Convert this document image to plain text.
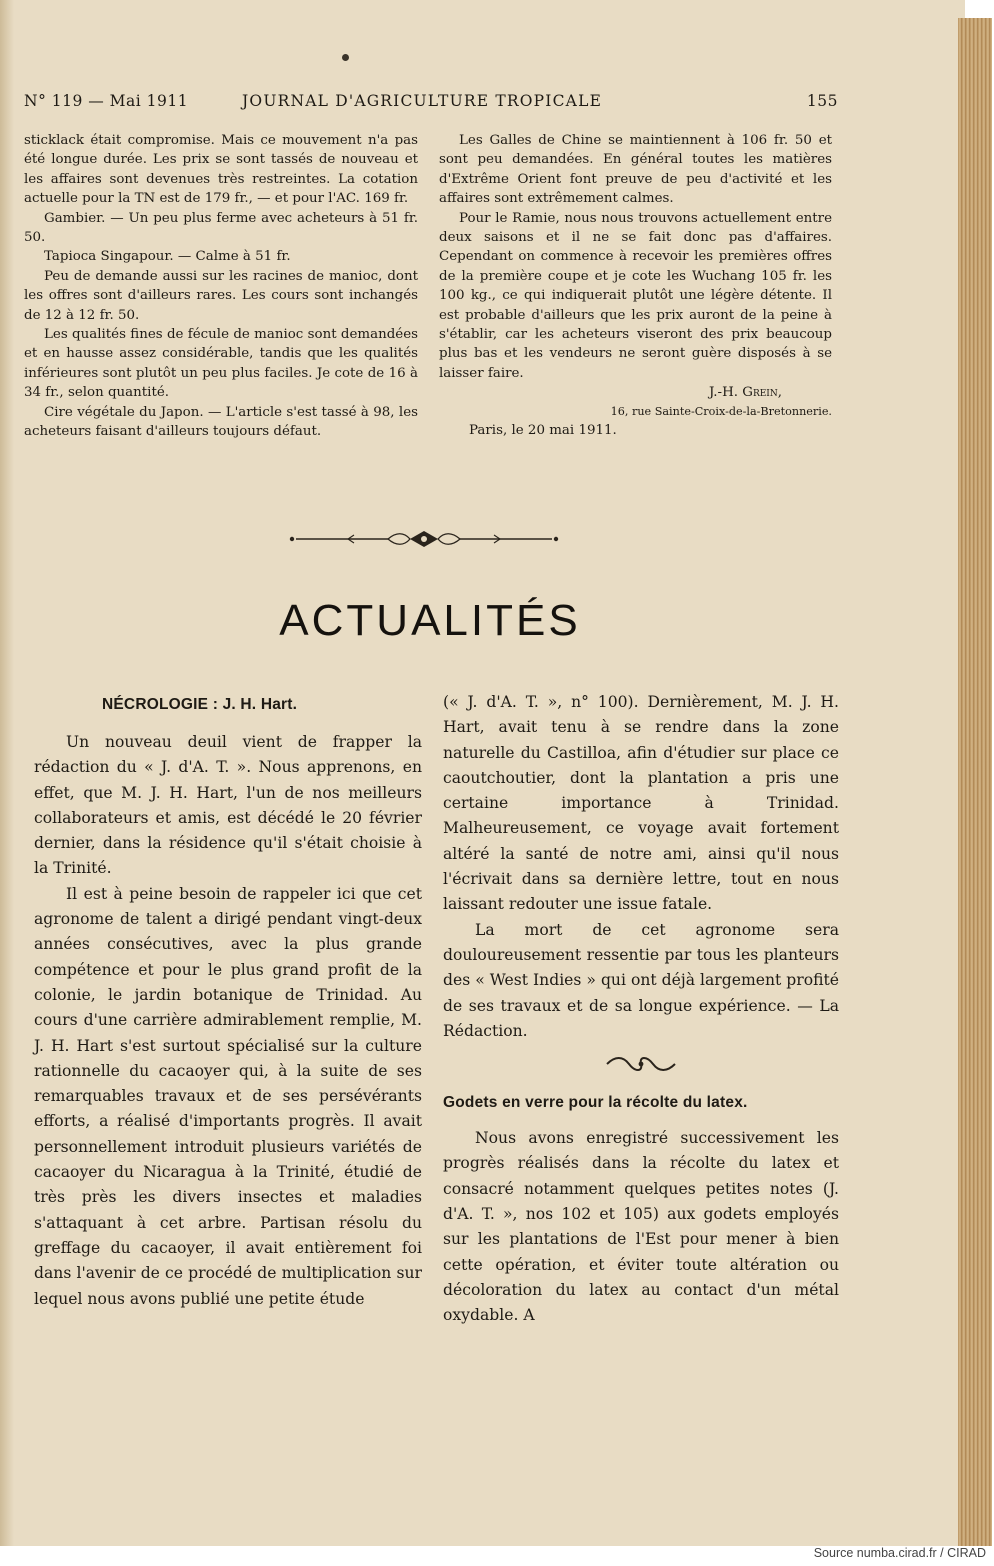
N° 119 — Mai 1911	JOURNAL D'AGRICULTURE TROPICALE	155

sticklack était compromise. Mais ce mouvement n'a pas été longue durée. Les prix se sont tassés de nouveau et les affaires sont devenues très restreintes. La cotation actuelle pour la TN est de 179 fr., — et pour l'AC. 169 fr.

Gambier. — Un peu plus ferme avec acheteurs à 51 fr. 50.

Tapioca Singapour. — Calme à 51 fr.

Peu de demande aussi sur les racines de manioc, dont les offres sont d'ailleurs rares. Les cours sont inchangés de 12 à 12 fr. 50.

Les qualités fines de fécule de manioc sont demandées et en hausse assez considérable, tandis que les qualités inférieures sont plutôt un peu plus faciles. Je cote de 16 à 34 fr., selon quantité.

Cire végétale du Japon. — L'article s'est tassé à 98, les acheteurs faisant d'ailleurs toujours défaut.

Les Galles de Chine se maintiennent à 106 fr. 50 et sont peu demandées. En général toutes les matières d'Extrême Orient font preuve de peu d'activité et les affaires sont extrêmement calmes.

Pour le Ramie, nous nous trouvons actuellement entre deux saisons et il ne se fait donc pas d'affaires. Cependant on commence à recevoir les premières offres de la première coupe et je cote les Wuchang 105 fr. les 100 kg., ce qui indiquerait plutôt une légère détente. Il est probable d'ailleurs que les prix auront de la peine à s'établir, car les acheteurs viseront des prix beaucoup plus bas et les vendeurs ne seront guère disposés à se laisser faire.

J.-H. Grein,

16, rue Sainte-Croix-de-la-Bretonnerie.

Paris, le 20 mai 1911.

ACTUALITÉS
NÉCROLOGIE : J. H. Hart.

Un nouveau deuil vient de frapper la rédaction du « J. d'A. T. ». Nous apprenons, en effet, que M. J. H. Hart, l'un de nos meilleurs collaborateurs et amis, est décédé le 20 février dernier, dans la résidence qu'il s'était choisie à la Trinité.

Il est à peine besoin de rappeler ici que cet agronome de talent a dirigé pendant vingt-deux années consécutives, avec la plus grande compétence et pour le plus grand profit de la colonie, le jardin botanique de Trinidad. Au cours d'une carrière admirablement remplie, M. J. H. Hart s'est surtout spécialisé sur la culture rationnelle du cacaoyer qui, à la suite de ses remarquables travaux et de ses persévérants efforts, a réalisé d'importants progrès. Il avait personnellement introduit plusieurs variétés de cacaoyer du Nicaragua à la Trinité, étudié de très près les divers insectes et maladies s'attaquant à cet arbre. Partisan résolu du greffage du cacaoyer, il avait entièrement foi dans l'avenir de ce procédé de multiplication sur lequel nous avons publié une petite étude

(« J. d'A. T. », n° 100). Dernièrement, M. J. H. Hart, avait tenu à se rendre dans la zone naturelle du Castilloa, afin d'étudier sur place ce caoutchoutier, dont la plantation a pris une certaine importance à Trinidad. Malheureusement, ce voyage avait fortement altéré la santé de notre ami, ainsi qu'il nous l'écrivait dans sa dernière lettre, tout en nous laissant redouter une issue fatale.

La mort de cet agronome sera douloureusement ressentie par tous les planteurs des « West Indies » qui ont déjà largement profité de ses travaux et de sa longue expérience. — La Rédaction.

Godets en verre pour la récolte du latex.

Nous avons enregistré successivement les progrès réalisés dans la récolte du latex et consacré notamment quelques petites notes (J. d'A. T. », nos 102 et 105) aux godets employés sur les plantations de l'Est pour mener à bien cette opération, et éviter toute altération ou décoloration du latex au contact d'un métal oxydable. A

Source numba.cirad.fr / CIRAD
